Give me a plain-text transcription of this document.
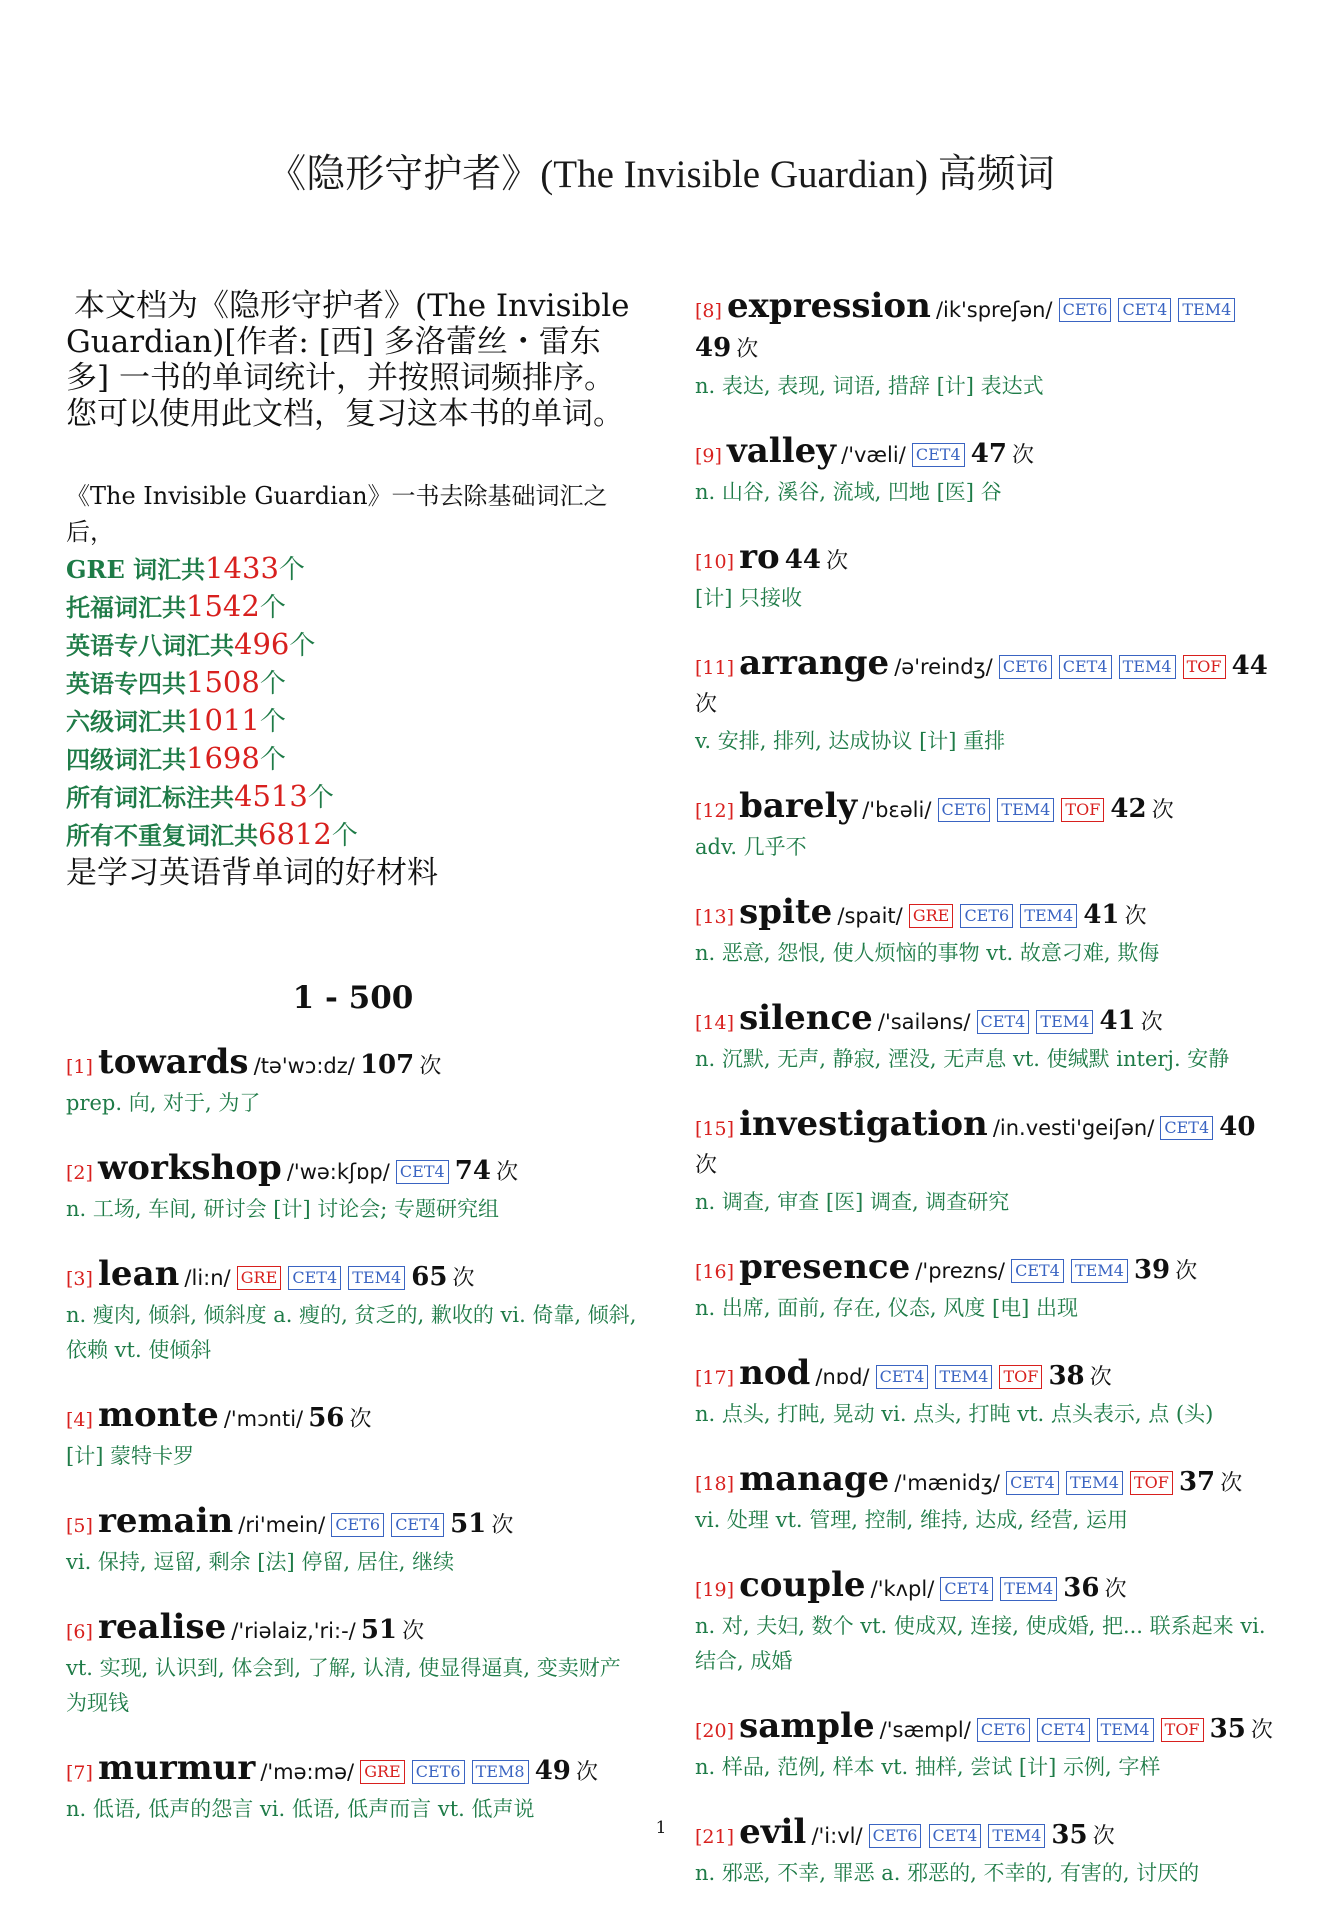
《隐形守护者》(The Invisible Guardian) 高频词
本文档为《隐形守护者》(The Invisible Guardian)[作者: [西] 多洛蕾丝・雷东多] 一书的单词统计，并按照词频排序。您可以使用此文档，复习这本书的单词。
《The Invisible Guardian》一书去除基础词汇之后，
GRE 词汇共1433个
托福词汇共1542个
英语专八词汇共496个
英语专四共1508个
六级词汇共1011个
四级词汇共1698个
所有词汇标注共4513个
所有不重复词汇共6812个
是学习英语背单词的好材料
1 - 500
[1] towards /tə'wɔ:dz/ 107 次
prep. 向, 对于, 为了
[2] workshop /'wə:kʃɒp/ CET4 74 次
n. 工场, 车间, 研讨会 [计] 讨论会; 专题研究组
[3] lean /li:n/ GRE CET4 TEM4 65 次
n. 瘦肉, 倾斜, 倾斜度 a. 瘦的, 贫乏的, 歉收的 vi. 倚靠, 倾斜, 依赖 vt. 使倾斜
[4] monte /'mɔnti/ 56 次
[计] 蒙特卡罗
[5] remain /ri'mein/ CET6 CET4 51 次
vi. 保持, 逗留, 剩余 [法] 停留, 居住, 继续
[6] realise /'riəlaiz,'ri:-/ 51 次
vt. 实现, 认识到, 体会到, 了解, 认清, 使显得逼真, 变卖财产为现钱
[7] murmur /'mə:mə/ GRE CET6 TEM8 49 次
n. 低语, 低声的怨言 vi. 低语, 低声而言 vt. 低声说
[8] expression /ik'spreʃən/ CET6 CET4 TEM4 49 次
n. 表达, 表现, 词语, 措辞 [计] 表达式
[9] valley /'væli/ CET4 47 次
n. 山谷, 溪谷, 流域, 凹地 [医] 谷
[10] ro 44 次
[计] 只接收
[11] arrange /ə'reindʒ/ CET6 CET4 TEM4 TOF 44 次
v. 安排, 排列, 达成协议 [计] 重排
[12] barely /'bɛəli/ CET6 TEM4 TOF 42 次
adv. 几乎不
[13] spite /spait/ GRE CET6 TEM4 41 次
n. 恶意, 怨恨, 使人烦恼的事物 vt. 故意刁难, 欺侮
[14] silence /'sailəns/ CET4 TEM4 41 次
n. 沉默, 无声, 静寂, 湮没, 无声息 vt. 使缄默 interj. 安静
[15] investigation /in.vesti'geiʃən/ CET4 40 次
n. 调查, 审查 [医] 调查, 调查研究
[16] presence /'prezns/ CET4 TEM4 39 次
n. 出席, 面前, 存在, 仪态, 风度 [电] 出现
[17] nod /nɒd/ CET4 TEM4 TOF 38 次
n. 点头, 打盹, 晃动 vi. 点头, 打盹 vt. 点头表示, 点 (头)
[18] manage /'mænidʒ/ CET4 TEM4 TOF 37 次
vi. 处理 vt. 管理, 控制, 维持, 达成, 经营, 运用
[19] couple /'kʌpl/ CET4 TEM4 36 次
n. 对, 夫妇, 数个 vt. 使成双, 连接, 使成婚, 把... 联系起来 vi. 结合, 成婚
[20] sample /'sæmpl/ CET6 CET4 TEM4 TOF 35 次
n. 样品, 范例, 样本 vt. 抽样, 尝试 [计] 示例, 字样
[21] evil /'i:vl/ CET6 CET4 TEM4 35 次
n. 邪恶, 不幸, 罪恶 a. 邪恶的, 不幸的, 有害的, 讨厌的
1
